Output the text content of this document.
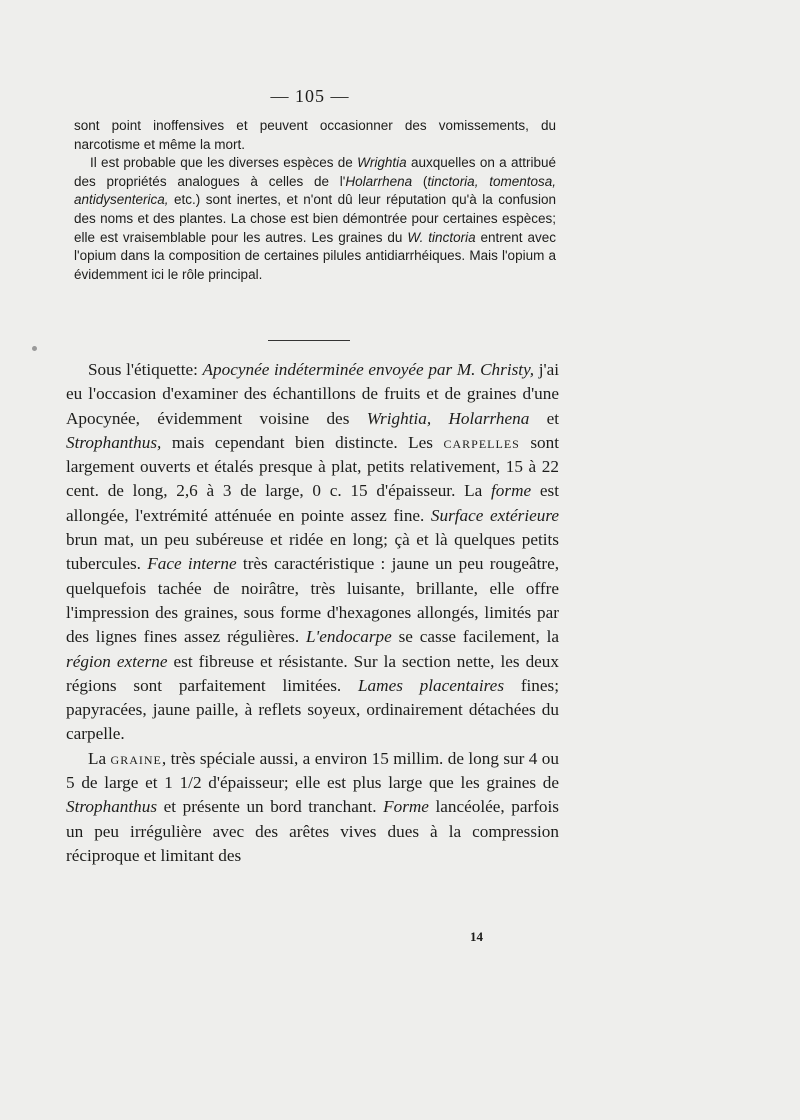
— 105 —

sont point inoffensives et peuvent occasionner des vomissements, du narcotisme et même la mort.

Il est probable que les diverses espèces de Wrightia auxquelles on a attribué des propriétés analogues à celles de l'Holarrhena (tinctoria, tomentosa, antidysenterica, etc.) sont inertes, et n'ont dû leur réputation qu'à la confusion des noms et des plantes. La chose est bien démontrée pour certaines espèces; elle est vraisemblable pour les autres. Les graines du W. tinctoria entrent avec l'opium dans la composition de certaines pilules antidiarrhéiques. Mais l'opium a évidemment ici le rôle principal.

Sous l'étiquette: Apocynée indéterminée envoyée par M. Christy, j'ai eu l'occasion d'examiner des échantillons de fruits et de graines d'une Apocynée, évidemment voisine des Wrightia, Holarrhena et Strophanthus, mais cependant bien distincte. Les carpelles sont largement ouverts et étalés presque à plat, petits relativement, 15 à 22 cent. de long, 2,6 à 3 de large, 0 c. 15 d'épaisseur. La forme est allongée, l'extrémité atténuée en pointe assez fine. Surface extérieure brun mat, un peu subéreuse et ridée en long; çà et là quelques petits tubercules. Face interne très caractéristique : jaune un peu rougeâtre, quelquefois tachée de noirâtre, très luisante, brillante, elle offre l'impression des graines, sous forme d'hexagones allongés, limités par des lignes fines assez régulières. L'endocarpe se casse facilement, la région externe est fibreuse et résistante. Sur la section nette, les deux régions sont parfaitement limitées. Lames placentaires fines; papyracées, jaune paille, à reflets soyeux, ordinairement détachées du carpelle.

La graine, très spéciale aussi, a environ 15 millim. de long sur 4 ou 5 de large et 1 1/2 d'épaisseur; elle est plus large que les graines de Strophanthus et présente un bord tranchant. Forme lancéolée, parfois un peu irrégulière avec des arêtes vives dues à la compression réciproque et limitant des

14
